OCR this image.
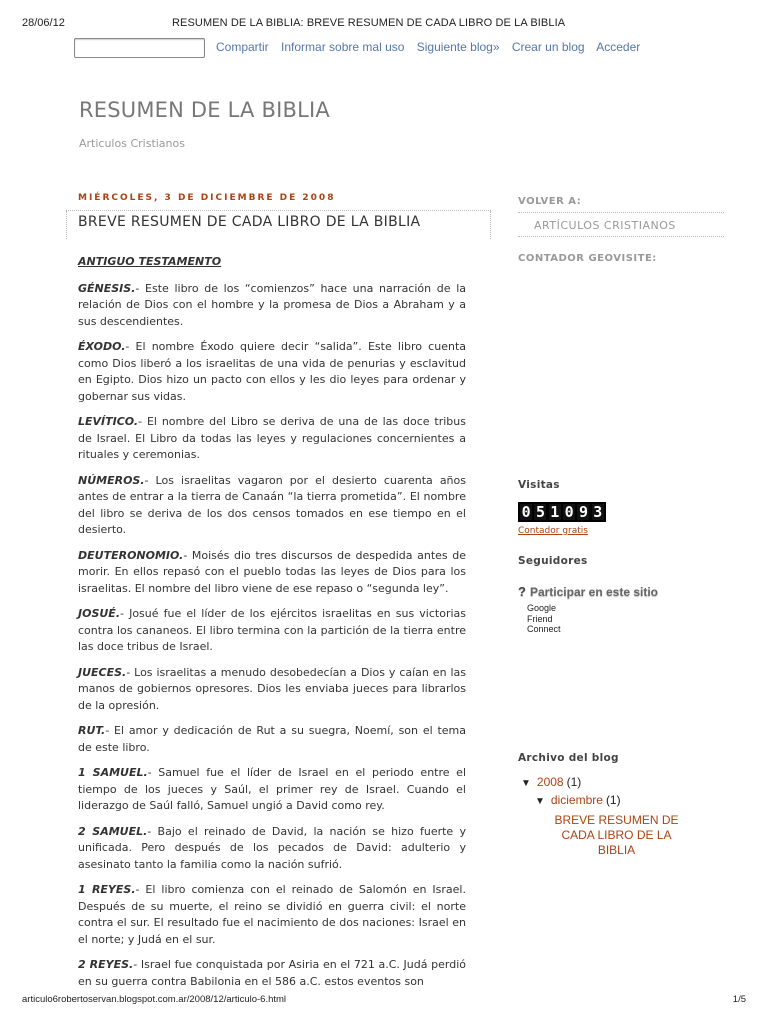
28/06/12	RESUMEN DE LA BIBLIA: BREVE RESUMEN DE CADA LIBRO DE LA BIBLIA
Compartir Informar sobre mal uso Siguiente blog» Crear un blog Acceder
RESUMEN DE LA BIBLIA
Articulos Cristianos
MIÉRCOLES, 3 DE DICIEMBRE DE 2008
BREVE RESUMEN DE CADA LIBRO DE LA BIBLIA
ANTIGUO TESTAMENTO

GÉNESIS.- Este libro de los “comienzos” hace una narración de la relación de Dios con el hombre y la promesa de Dios a Abraham y a sus descendientes.

ÉXODO.- El nombre Éxodo quiere decir “salida”. Este libro cuenta como Dios liberó a los israelitas de una vida de penurias y esclavitud en Egipto. Dios hizo un pacto con ellos y les dio leyes para ordenar y gobernar sus vidas.

LEVÍTICO.- El nombre del Libro se deriva de una de las doce tribus de Israel. El Libro da todas las leyes y regulaciones concernientes a rituales y ceremonias.

NÚMEROS.- Los israelitas vagaron por el desierto cuarenta años antes de entrar a la tierra de Canaán “la tierra prometida”. El nombre del libro se deriva de los dos censos tomados en ese tiempo en el desierto.

DEUTERONOMIO.- Moisés dio tres discursos de despedida antes de morir. En ellos repasó con el pueblo todas las leyes de Dios para los israelitas. El nombre del libro viene de ese repaso o “segunda ley”.

JOSUÉ.- Josué fue el líder de los ejércitos israelitas en sus victorias contra los cananeos. El libro termina con la partición de la tierra entre las doce tribus de Israel.

JUECES.- Los israelitas a menudo desobedecían a Dios y caían en las manos de gobiernos opresores. Dios les enviaba jueces para librarlos de la opresión.

RUT.- El amor y dedicación de Rut a su suegra, Noemí, son el tema de este libro.

1 SAMUEL.- Samuel fue el líder de Israel en el periodo entre el tiempo de los jueces y Saúl, el primer rey de Israel. Cuando el liderazgo de Saúl falló, Samuel ungió a David como rey.

2 SAMUEL.- Bajo el reinado de David, la nación se hizo fuerte y unificada. Pero después de los pecados de David: adulterio y asesinato tanto la familia como la nación sufrió.

1 REYES.- El libro comienza con el reinado de Salomón en Israel. Después de su muerte, el reino se dividió en guerra civil: el norte contra el sur. El resultado fue el nacimiento de dos naciones: Israel en el norte; y Judá en el sur.

2 REYES.- Israel fue conquistada por Asiria en el 721 a.C. Judá perdió en su guerra contra Babilonia en el 586 a.C. estos eventos son

VOLVER A:
ARTÍCULOS CRISTIANOS
CONTADOR GEOVISITE:
Visitas
0 5 1 0 9 3
Contador gratis
Seguidores
? Participar en este sitio
Google
Friend
Connect
Archivo del blog
▼ 2008 (1)
▼ diciembre (1)
BREVE RESUMEN DE CADA LIBRO DE LA BIBLIA
articulo6robertoservan.blogspot.com.ar/2008/12/articulo-6.html	1/5
